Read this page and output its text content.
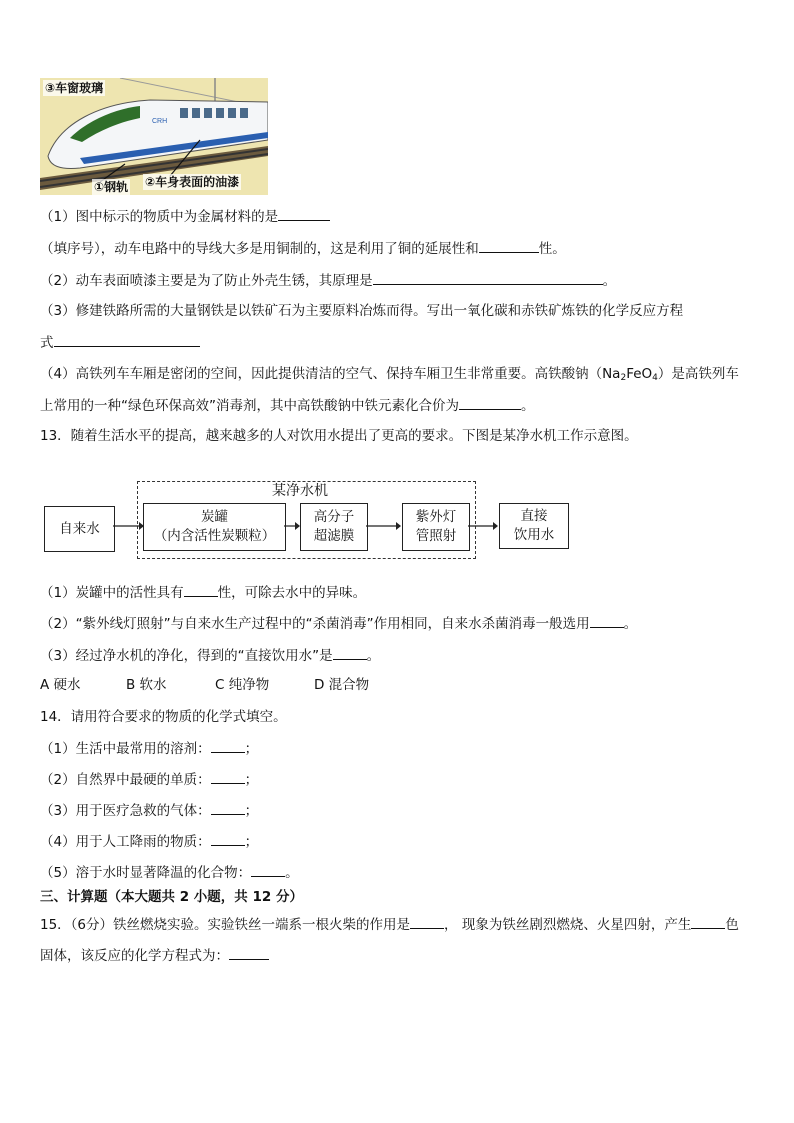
CRH
③车窗玻璃
①钢轨 ②车身表面的油漆
（1）图中标示的物质中为金属材料的是
（填序号），动车电路中的导线大多是用铜制的，这是利用了铜的延展性和	性。
（2）动车表面喷漆主要是为了防止外壳生锈，其原理是	。
（3）修建铁路所需的大量钢铁是以铁矿石为主要原料冶炼而得。写出一氧化碳和赤铁矿炼铁的化学反应方程
式
（4）高铁列车车厢是密闭的空间，因此提供清洁的空气、保持车厢卫生非常重要。高铁酸钠$(Na_2FeO_4)$是高铁列车
上常用的一种“绿色环保高效”消毒剂，其中高铁酸钠中铁元素化合价为	。
13．随着生活水平的提高，越来越多的人对饮用水提出了更高的要求。下图是某净水机工作示意图。
某净水机
自来水
炭罐
（内含活性炭颗粒）
高分子
超滤膜
紫外灯
管照射
直接
饮用水
（1）炭罐中的活性具有	性，可除去水中的异味。
（2）“紫外线灯照射”与自来水生产过程中的“杀菌消毒”作用相同，自来水杀菌消毒一般选用	。
（3）经过净水机的净化，得到的“直接饮用水”是	。
A 硬水	B 软水	C 纯净物	D 混合物
14．请用符合要求的物质的化学式填空。
（1）生活中最常用的溶剂：	；
（2）自然界中最硬的单质：	；
（3）用于医疗急救的气体：	；
（4）用于人工降雨的物质：	；
（5）溶于水时显著降温的化合物：	。
三、计算题（本大题共 2 小题，共 12 分）
15．（6分）铁丝燃烧实验。实验铁丝一端系一根火柴的作用是	， 现象为铁丝剧烈燃烧、火星四射，产生	色
固体，该反应的化学方程式为：
